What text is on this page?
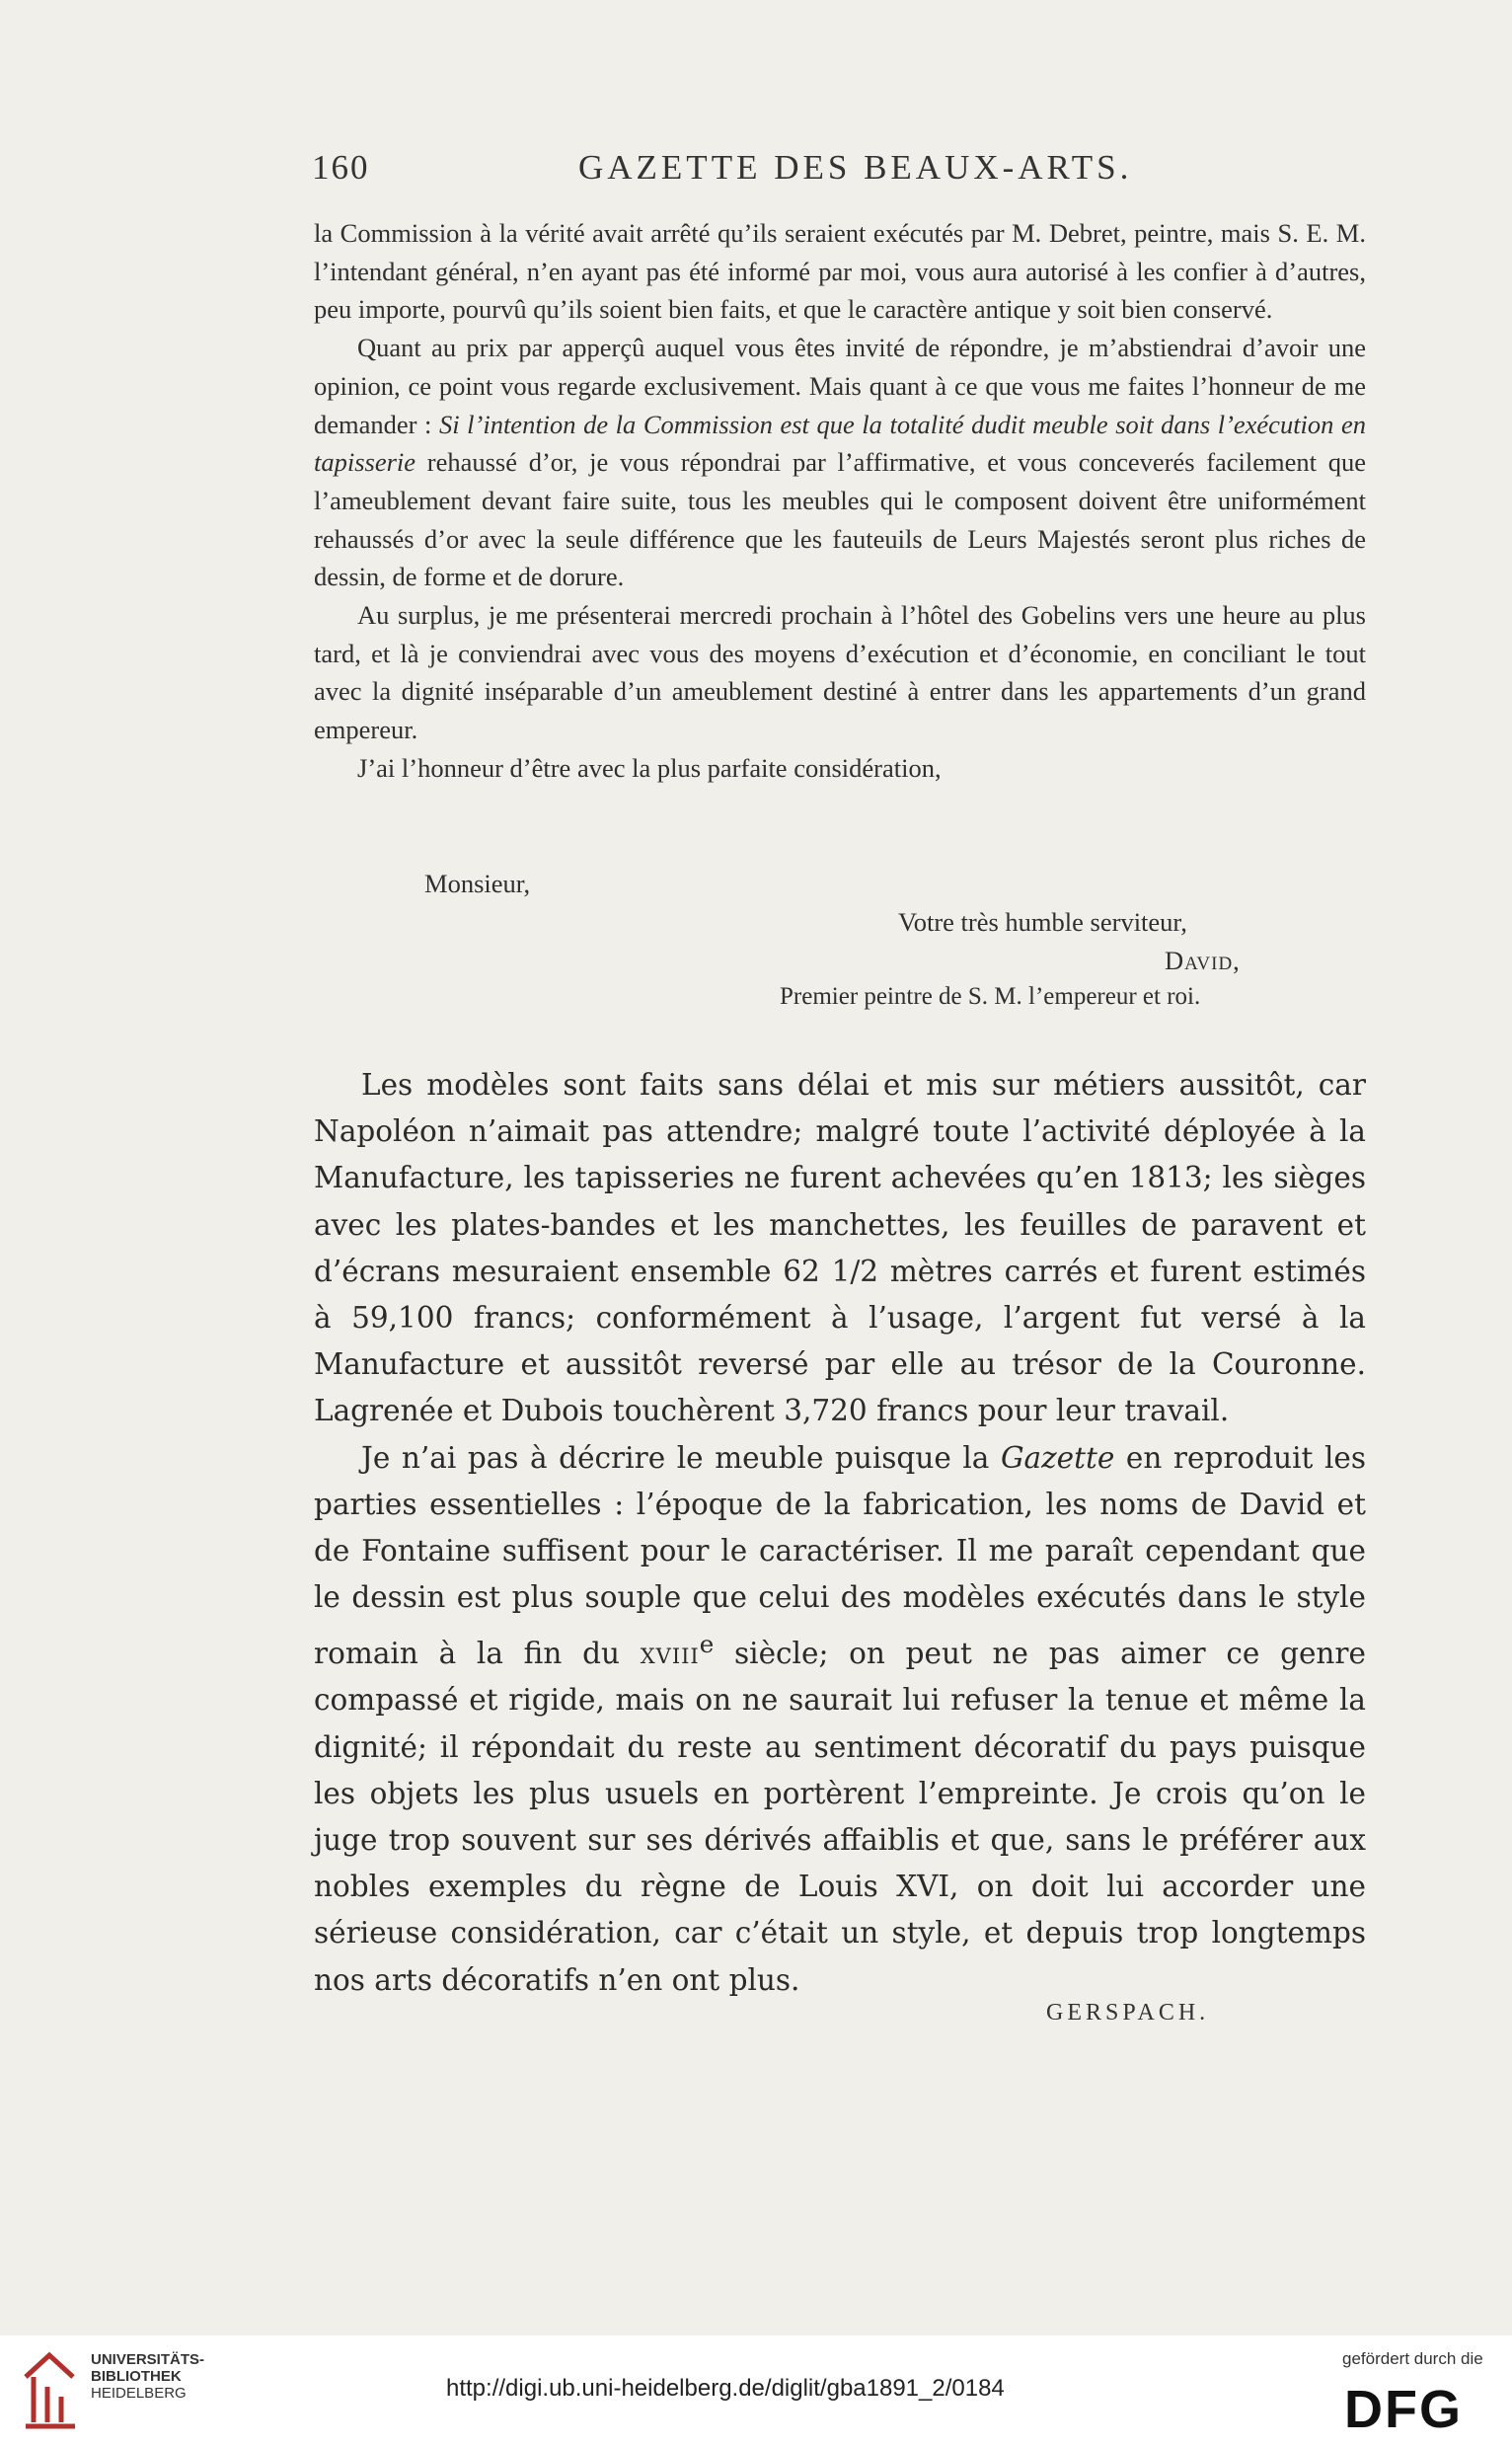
160	GAZETTE DES BEAUX-ARTS.

la Commission à la vérité avait arrêté qu’ils seraient exécutés par M. Debret, peintre, mais S. E. M. l’intendant général, n’en ayant pas été informé par moi, vous aura autorisé à les confier à d’autres, peu importe, pourvû qu’ils soient bien faits, et que le caractère antique y soit bien conservé.

Quant au prix par apperçû auquel vous êtes invité de répondre, je m’abstiendrai d’avoir une opinion, ce point vous regarde exclusivement. Mais quant à ce que vous me faites l’honneur de me demander : Si l’intention de la Commission est que la totalité dudit meuble soit dans l’exécution en tapisserie rehaussé d’or, je vous répondrai par l’affirmative, et vous conceverés facilement que l’ameublement devant faire suite, tous les meubles qui le composent doivent être uniformément rehaussés d’or avec la seule différence que les fauteuils de Leurs Majestés seront plus riches de dessin, de forme et de dorure.

Au surplus, je me présenterai mercredi prochain à l’hôtel des Gobelins vers une heure au plus tard, et là je conviendrai avec vous des moyens d’exécution et d’économie, en conciliant le tout avec la dignité inséparable d’un ameublement destiné à entrer dans les appartements d’un grand empereur.

J’ai l’honneur d’être avec la plus parfaite considération,

Monsieur,
Votre très humble serviteur,
David,
Premier peintre de S. M. l’empereur et roi.

Les modèles sont faits sans délai et mis sur métiers aussitôt, car Napoléon n’aimait pas attendre; malgré toute l’activité déployée à la Manufacture, les tapisseries ne furent achevées qu’en 1813; les sièges avec les plates-bandes et les manchettes, les feuilles de paravent et d’écrans mesuraient ensemble 62 1/2 mètres carrés et furent estimés à 59,100 francs; conformément à l’usage, l’argent fut versé à la Manufacture et aussitôt reversé par elle au trésor de la Couronne. Lagrenée et Dubois touchèrent 3,720 francs pour leur travail.

Je n’ai pas à décrire le meuble puisque la Gazette en reproduit les parties essentielles : l’époque de la fabrication, les noms de David et de Fontaine suffisent pour le caractériser. Il me paraît cependant que le dessin est plus souple que celui des modèles exécutés dans le style romain à la fin du xviii$^e$ siècle; on peut ne pas aimer ce genre compassé et rigide, mais on ne saurait lui refuser la tenue et même la dignité; il répondait du reste au sentiment décoratif du pays puisque les objets les plus usuels en portèrent l’empreinte. Je crois qu’on le juge trop souvent sur ses dérivés affaiblis et que, sans le préférer aux nobles exemples du règne de Louis XVI, on doit lui accorder une sérieuse considération, car c’était un style, et depuis trop longtemps nos arts décoratifs n’en ont plus.

GERSPACH.
UNIVERSITÄTS-
BIBLIOTHEK
HEIDELBERG	http://digi.ub.uni-heidelberg.de/diglit/gba1891_2/0184
gefördert durch die
DFG
